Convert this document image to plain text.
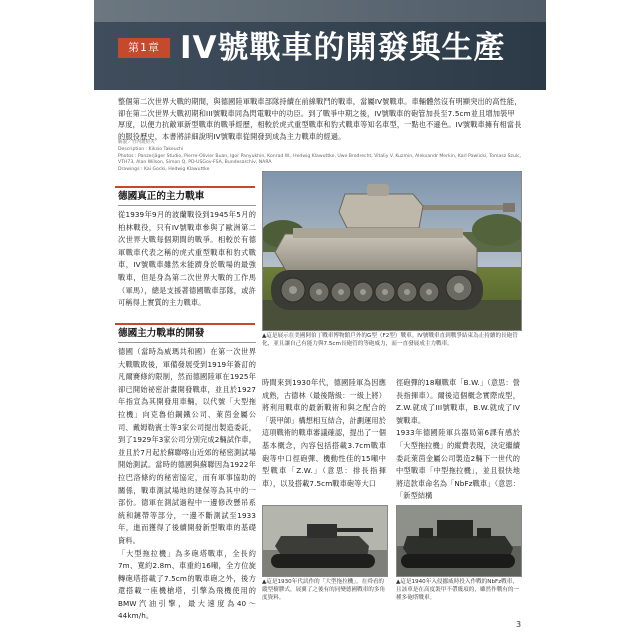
第1章 IV號戰車的開發與生產
整個第二次世界大戰的期間，與德國陸軍戰車部隊持續在前線戰鬥的戰車，當屬IV號戰車。車輛體然沒有明顯突出的高性能，卻在第二次世界大戰初期和III號戰車同為閃電戰中的功臣。到了戰爭中期之後，IV號戰車的砲管加長至7.5cm並且增加裝甲厚度，以便力抗敵軍新型戰車的戰爭經歷，相較於虎式重型戰車和豹式戰車等知名車型，一點也不遜色。IV號戰車擁有相當長的服役歷史，本書將詳細說明IV號戰車從開發到成為主力戰車的經過。
解說／竹內規矩夫
Description : Kiksio Takeuchi
Photos : Panzerjäger Studio, Pierre-Olivier Buan, Igor Panyukhin, Konrad W., Hedwig Klawuttke, Uwe Brodrecht, Vitaliy V. Kuzmin, Aleksandr Merkin, Karl Pawlicki, Tomasz Szulc, VTH73, Alan Wilson, Simon Q, PD-USGov-FSA, Bundesarchiv, NARA
Drawings : Kai Gocki, Hedwig Klawuttke
德國真正的主力戰車
從1939年9月的波蘭戰役到1945年5月的柏林戰役，只有IV號戰車參與了歐洲第二次世界大戰每個期間的戰爭。相較於有德軍戰車代表之稱的虎式重型戰車和豹式戰車，IV號戰車雖然未能躋身於戰場的最強戰車，但是身為第二次世界大戰的工作馬（軍馬），總是支援著德國戰車部隊，或許可稱得上實質的主力戰車。
德國主力戰車的開發
德國（當時為威瑪共和國）在第一次世界大戰戰敗後，軍備發展受到1919年簽訂的凡爾賽條約限制，然而德國陸軍在1925年卻已開始祕密計畫開發戰車，並且於1927年指宣為其開發用車輛，以代號「大型拖拉機」向克魯伯鋼鐵公司、萊茵金屬公司、戴姆勒賓士等3家公司提出製造委託，到了1929年3家公司分別完成2輛試作車，並且於7月起於蘇聯喀山近郊的秘密測試場開始測試。當時的德國與蘇聯因為1922年拉巴洛條約的秘密協定，而有軍事協助的關係，戰車測試場地的建保等為其中的一部份。德軍在測試過程中一邊修改懸吊系統和鏈帶等部分，一邊不斷測試至1933年，進而獲得了後續開發新型戰車的基礎資料。
「大型拖拉機」為多砲塔戰車，全長約7m、寬約2.8m、車重約16噸，全方位旋轉砲塔搭載了7.5cm的戰車砲之外，後方還搭載一座機槍塔，引擎為飛機使用的BMW汽油引擎，最大速度為40～44km/h。
▲這是展示在美國阿伯丁戰車博物館戶外的G型（F2型）戰車。IV號戰車直到戰爭結束為止持續的長砲管化，並且讓自己有能力與7.5cm長砲管的等砲威力，而一直發展成主力戰車。
時間來到1930年代，德國陸軍為因應成熟，古德林（最後階級：一級上將）將利用戰車的最新戰術和與之配合的「裝甲師」構想相互結合，計劃運用於這項戰術的戰車審議確認，提出了一個基本概念，內容包括搭載3.7cm戰車砲等中口徑砲彈、機動性佳的15噸中型戰車「Z.W.」（意思：排長指揮車），以及搭載7.5cm戰車砲等大口
徑砲彈的18噸戰車「B.W.」（意思：營長指揮車）。爾後這個概念實際成型，Z.W.就成了III號戰車，B.W.就成了IV號戰車。
1933年德國陸軍兵器局第6課有感於「大型拖拉機」的縱費表現，決定繼續委託萊茵金屬公司製造2輛下一世代的中型戰車「中型拖拉機」，並且很快地將這款車命名為「NbFz戰車」（意思：「新型結構
▲這是1930年代試作的「大型拖拉機」。在舜看的縱型樹膠式，展翼了之後有的同變德國戰車的多角度資料。
▲這是1940年入侵挪威時投入作戰的NbFz戰車，且該車是在高度裝甲不帶幾項的，雖然作戰有的一種多砲塔戰車。
3
